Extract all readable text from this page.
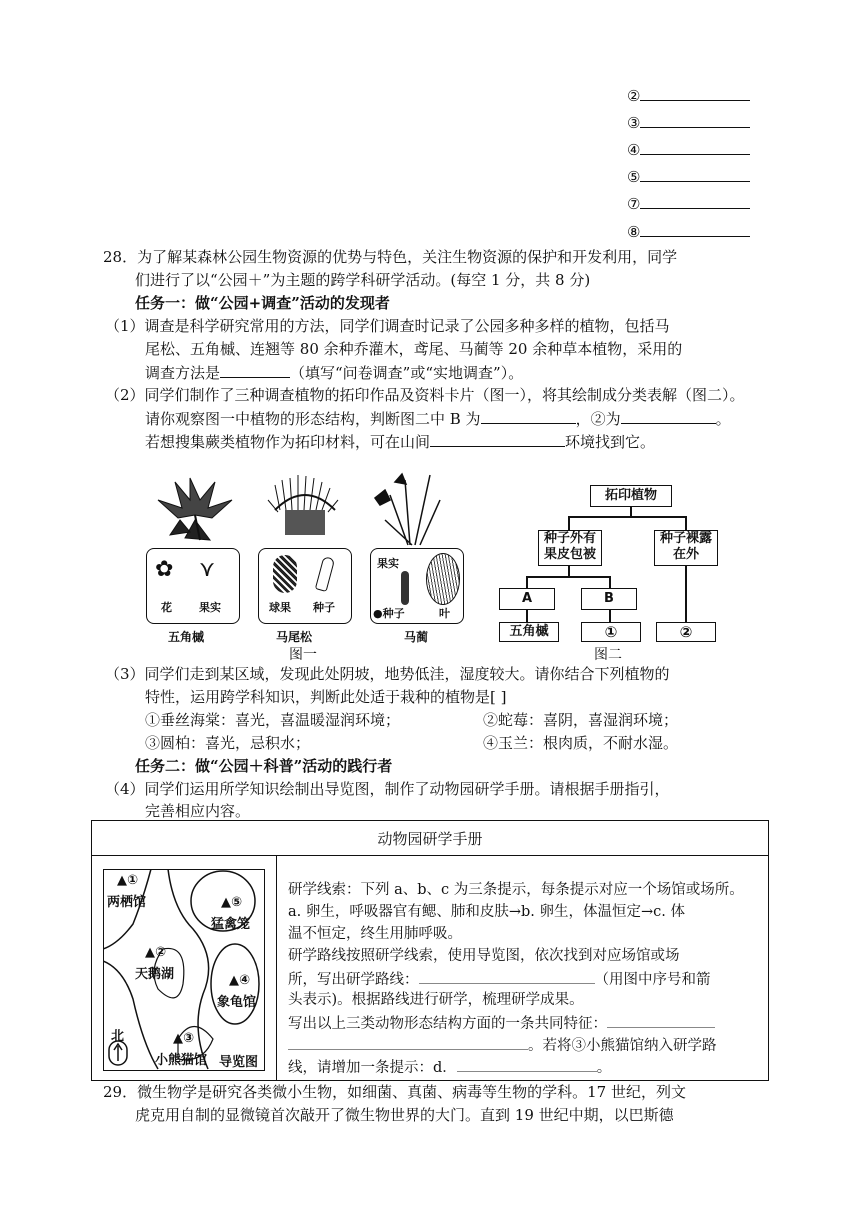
②
③
④
⑤
⑦
⑧
28．为了解某森林公园生物资源的优势与特色，关注生物资源的保护和开发利用，同学
们进行了以“公园＋”为主题的跨学科研学活动。(每空 1 分，共 8 分)
任务一：做“公园+调查”活动的发现者
（1）调查是科学研究常用的方法，同学们调查时记录了公园多种多样的植物，包括马
尾松、五角槭、连翘等 80 余种乔灌木，鸢尾、马蔺等 20 余种草本植物，采用的
调查方法是	（填写“问卷调查”或“实地调查”）。
（2）同学们制作了三种调查植物的拓印作品及资料卡片（图一），将其绘制成分类表解（图二）。
请你观察图一中植物的形态结构，判断图二中 B 为	，②为	。
若想搜集蕨类植物作为拓印材料，可在山间	环境找到它。
✿ ⋎
花 果实
五角槭
球果 种子
马尾松
果实
●种子	叶
马蔺
图一
拓印植物
种子外有
果皮包被
种子裸露
在外
A	B
五角槭	①	②
图二
（3）同学们走到某区域，发现此处阴坡，地势低洼，湿度较大。请你结合下列植物的
特性，运用跨学科知识，判断此处适于栽种的植物是[ ]
①垂丝海棠：喜光，喜温暖湿润环境；	②蛇莓：喜阴，喜湿润环境；
③圆柏：喜光，忌积水；	④玉兰：根肉质，不耐水湿。
任务二：做“公园＋科普”活动的践行者
（4）同学们运用所学知识绘制出导览图，制作了动物园研学手册。请根据手册指引，
完善相应内容。
动物园研学手册

▲①
两栖馆	▲⑤
猛禽笼
▲②
天鹅湖	▲④
象龟馆
北	▲③
小熊猫馆 导览图

研学线索：下列 a、b、c 为三条提示，每条提示对应一个场馆或场所。
a. 卵生，呼吸器官有鳃、肺和皮肤→b. 卵生，体温恒定→c. 体
温不恒定，终生用肺呼吸。
研学路线按照研学线索，使用导览图，依次找到对应场馆或场
所，写出研学路线：	（用图中序号和箭
头表示)。根据路线进行研学，梳理研学成果。
写出以上三类动物形态结构方面的一条共同特征：
。若将③小熊猫馆纳入研学路
线，请增加一条提示：d．	。
29．微生物学是研究各类微小生物，如细菌、真菌、病毒等生物的学科。17 世纪，列文
虎克用自制的显微镜首次敲开了微生物世界的大门。直到 19 世纪中期，以巴斯德
